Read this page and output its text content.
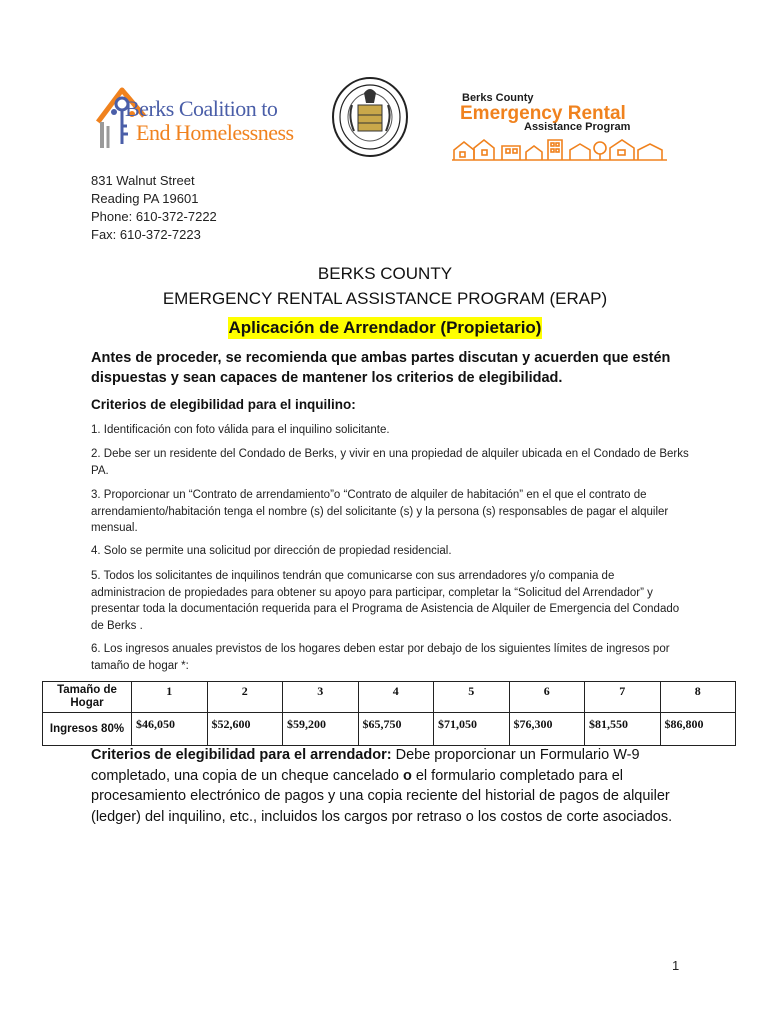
Berks Coalition to
End Homelessness
Berks County
Emergency Rental
Assistance Program
831 Walnut Street
Reading PA 19601
Phone: 610-372-7222
Fax: 610-372-7223
BERKS COUNTY
EMERGENCY RENTAL ASSISTANCE PROGRAM (ERAP)
Aplicación de Arrendador (Propietario)
Antes de proceder, se recomienda que ambas partes discutan y acuerden que estén dispuestas y sean capaces de mantener los criterios de elegibilidad.
Criterios de elegibilidad para el inquilino:
1. Identificación con foto válida para el inquilino solicitante.
2. Debe ser un residente del Condado de Berks, y vivir en una propiedad de alquiler ubicada en el Condado de Berks PA.
3. Proporcionar un “Contrato de arrendamiento”o “Contrato de alquiler de habitación” en el que el contrato de arrendamiento/habitación tenga el nombre (s) del solicitante (s) y la persona (s) responsables de pagar el alquiler mensual.
4. Solo se permite una solicitud por dirección de propiedad residencial.
5. Todos los solicitantes de inquilinos tendrán que comunicarse con sus arrendadores y/o compania de administracion de propiedades para obtener su apoyo para participar, completar la “Solicitud del Arrendador” y presentar toda la documentación requerida para el Programa de Asistencia de Alquiler de Emergencia del Condado de Berks .
6. Los ingresos anuales previstos de los hogares deben estar por debajo de los siguientes límites de ingresos por tamaño de hogar *:
Tamaño de Hogar	1	2	3	4	5	6	7	8
Ingresos 80%	$46,050	$52,600	$59,200	$65,750	$71,050	$76,300	$81,550	$86,800
Criterios de elegibilidad para el arrendador: Debe proporcionar un Formulario W-9 completado, una copia de un cheque cancelado o el formulario completado para el procesamiento electrónico de pagos y una copia reciente del historial de pagos de alquiler (ledger) del inquilino, etc., incluidos los cargos por retraso o los costos de corte asociados.
1
